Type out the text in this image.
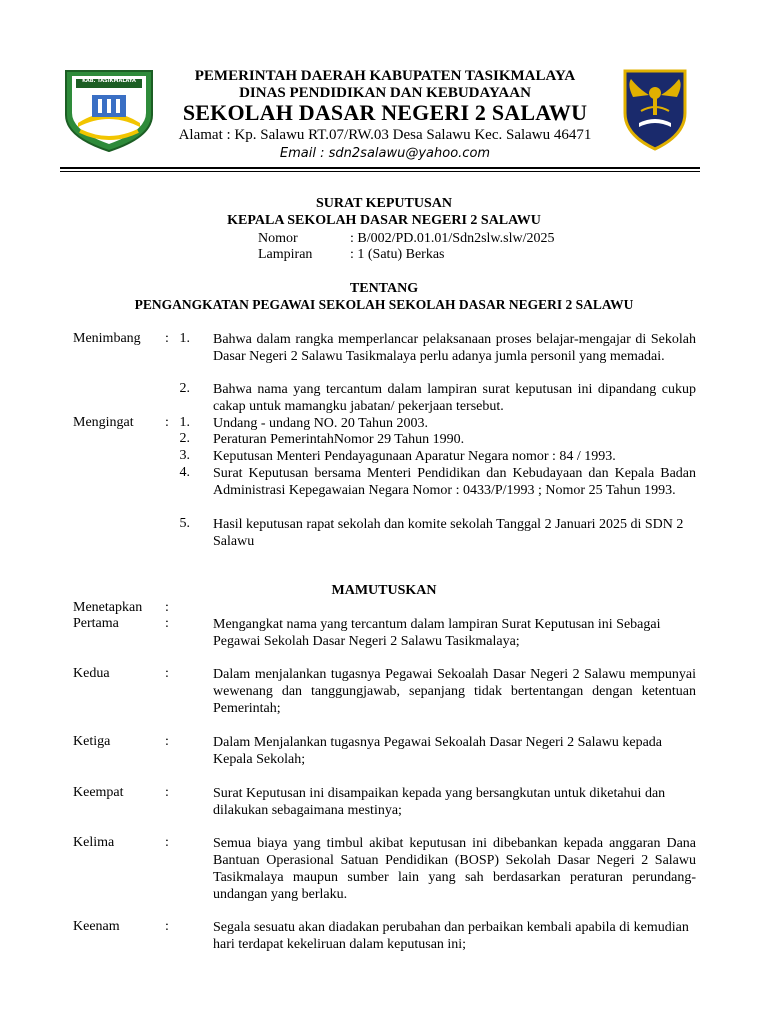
KAB. TASIKMALAYA	PEMERINTAH DAERAH KABUPATEN TASIKMALAYA
DINAS PENDIDIKAN DAN KEBUDAYAAN
SEKOLAH DASAR NEGERI 2 SALAWU
Alamat : Kp. Salawu RT.07/RW.03 Desa Salawu Kec. Salawu 46471
Email : sdn2salawu@yahoo.com
SURAT KEPUTUSAN
KEPALA SEKOLAH DASAR NEGERI 2 SALAWU
Nomor	: B/002/PD.01.01/Sdn2slw.slw/2025
Lampiran	: 1 (Satu) Berkas
TENTANG
PENGANGKATAN PEGAWAI SEKOLAH SEKOLAH DASAR NEGERI 2 SALAWU
Menimbang : 1. Bahwa dalam rangka memperlancar pelaksanaan proses belajar-mengajar di Sekolah Dasar Negeri 2 Salawu Tasikmalaya perlu adanya jumla personil yang memadai.
2. Bahwa nama yang tercantum dalam lampiran surat keputusan ini dipandang cukup cakap untuk mamangku jabatan/ pekerjaan tersebut.
Mengingat : 1. Undang - undang NO. 20 Tahun 2003.
2. Peraturan PemerintahNomor 29 Tahun 1990.
3. Keputusan Menteri Pendayagunaan Aparatur Negara nomor : 84 / 1993.
4. Surat Keputusan bersama Menteri Pendidikan dan Kebudayaan dan Kepala Badan Administrasi Kepegawaian Negara Nomor : 0433/P/1993 ; Nomor 25 Tahun 1993.
5. Hasil keputusan rapat sekolah dan komite sekolah Tanggal 2 Januari 2025 di SDN 2 Salawu
MAMUTUSKAN
Menetapkan :
Pertama	:	Mengangkat nama yang tercantum dalam lampiran Surat Keputusan ini Sebagai Pegawai Sekolah Dasar Negeri 2 Salawu Tasikmalaya;
Kedua	:	Dalam menjalankan tugasnya Pegawai Sekoalah Dasar Negeri 2 Salawu mempunyai wewenang dan tanggungjawab, sepanjang tidak bertentangan dengan ketentuan Pemerintah;
Ketiga	:	Dalam Menjalankan tugasnya Pegawai Sekoalah Dasar Negeri 2 Salawu kepada Kepala Sekolah;
Keempat	:	Surat Keputusan ini disampaikan kepada yang bersangkutan untuk diketahui dan dilakukan sebagaimana mestinya;
Kelima	:	Semua biaya yang timbul akibat keputusan ini dibebankan kepada anggaran Dana Bantuan Operasional Satuan Pendidikan (BOSP) Sekolah Dasar Negeri 2 Salawu Tasikmalaya maupun sumber lain yang sah berdasarkan peraturan perundang-undangan yang berlaku.
Keenam	:	Segala sesuatu akan diadakan perubahan dan perbaikan kembali apabila di kemudian hari terdapat kekeliruan dalam keputusan ini;
